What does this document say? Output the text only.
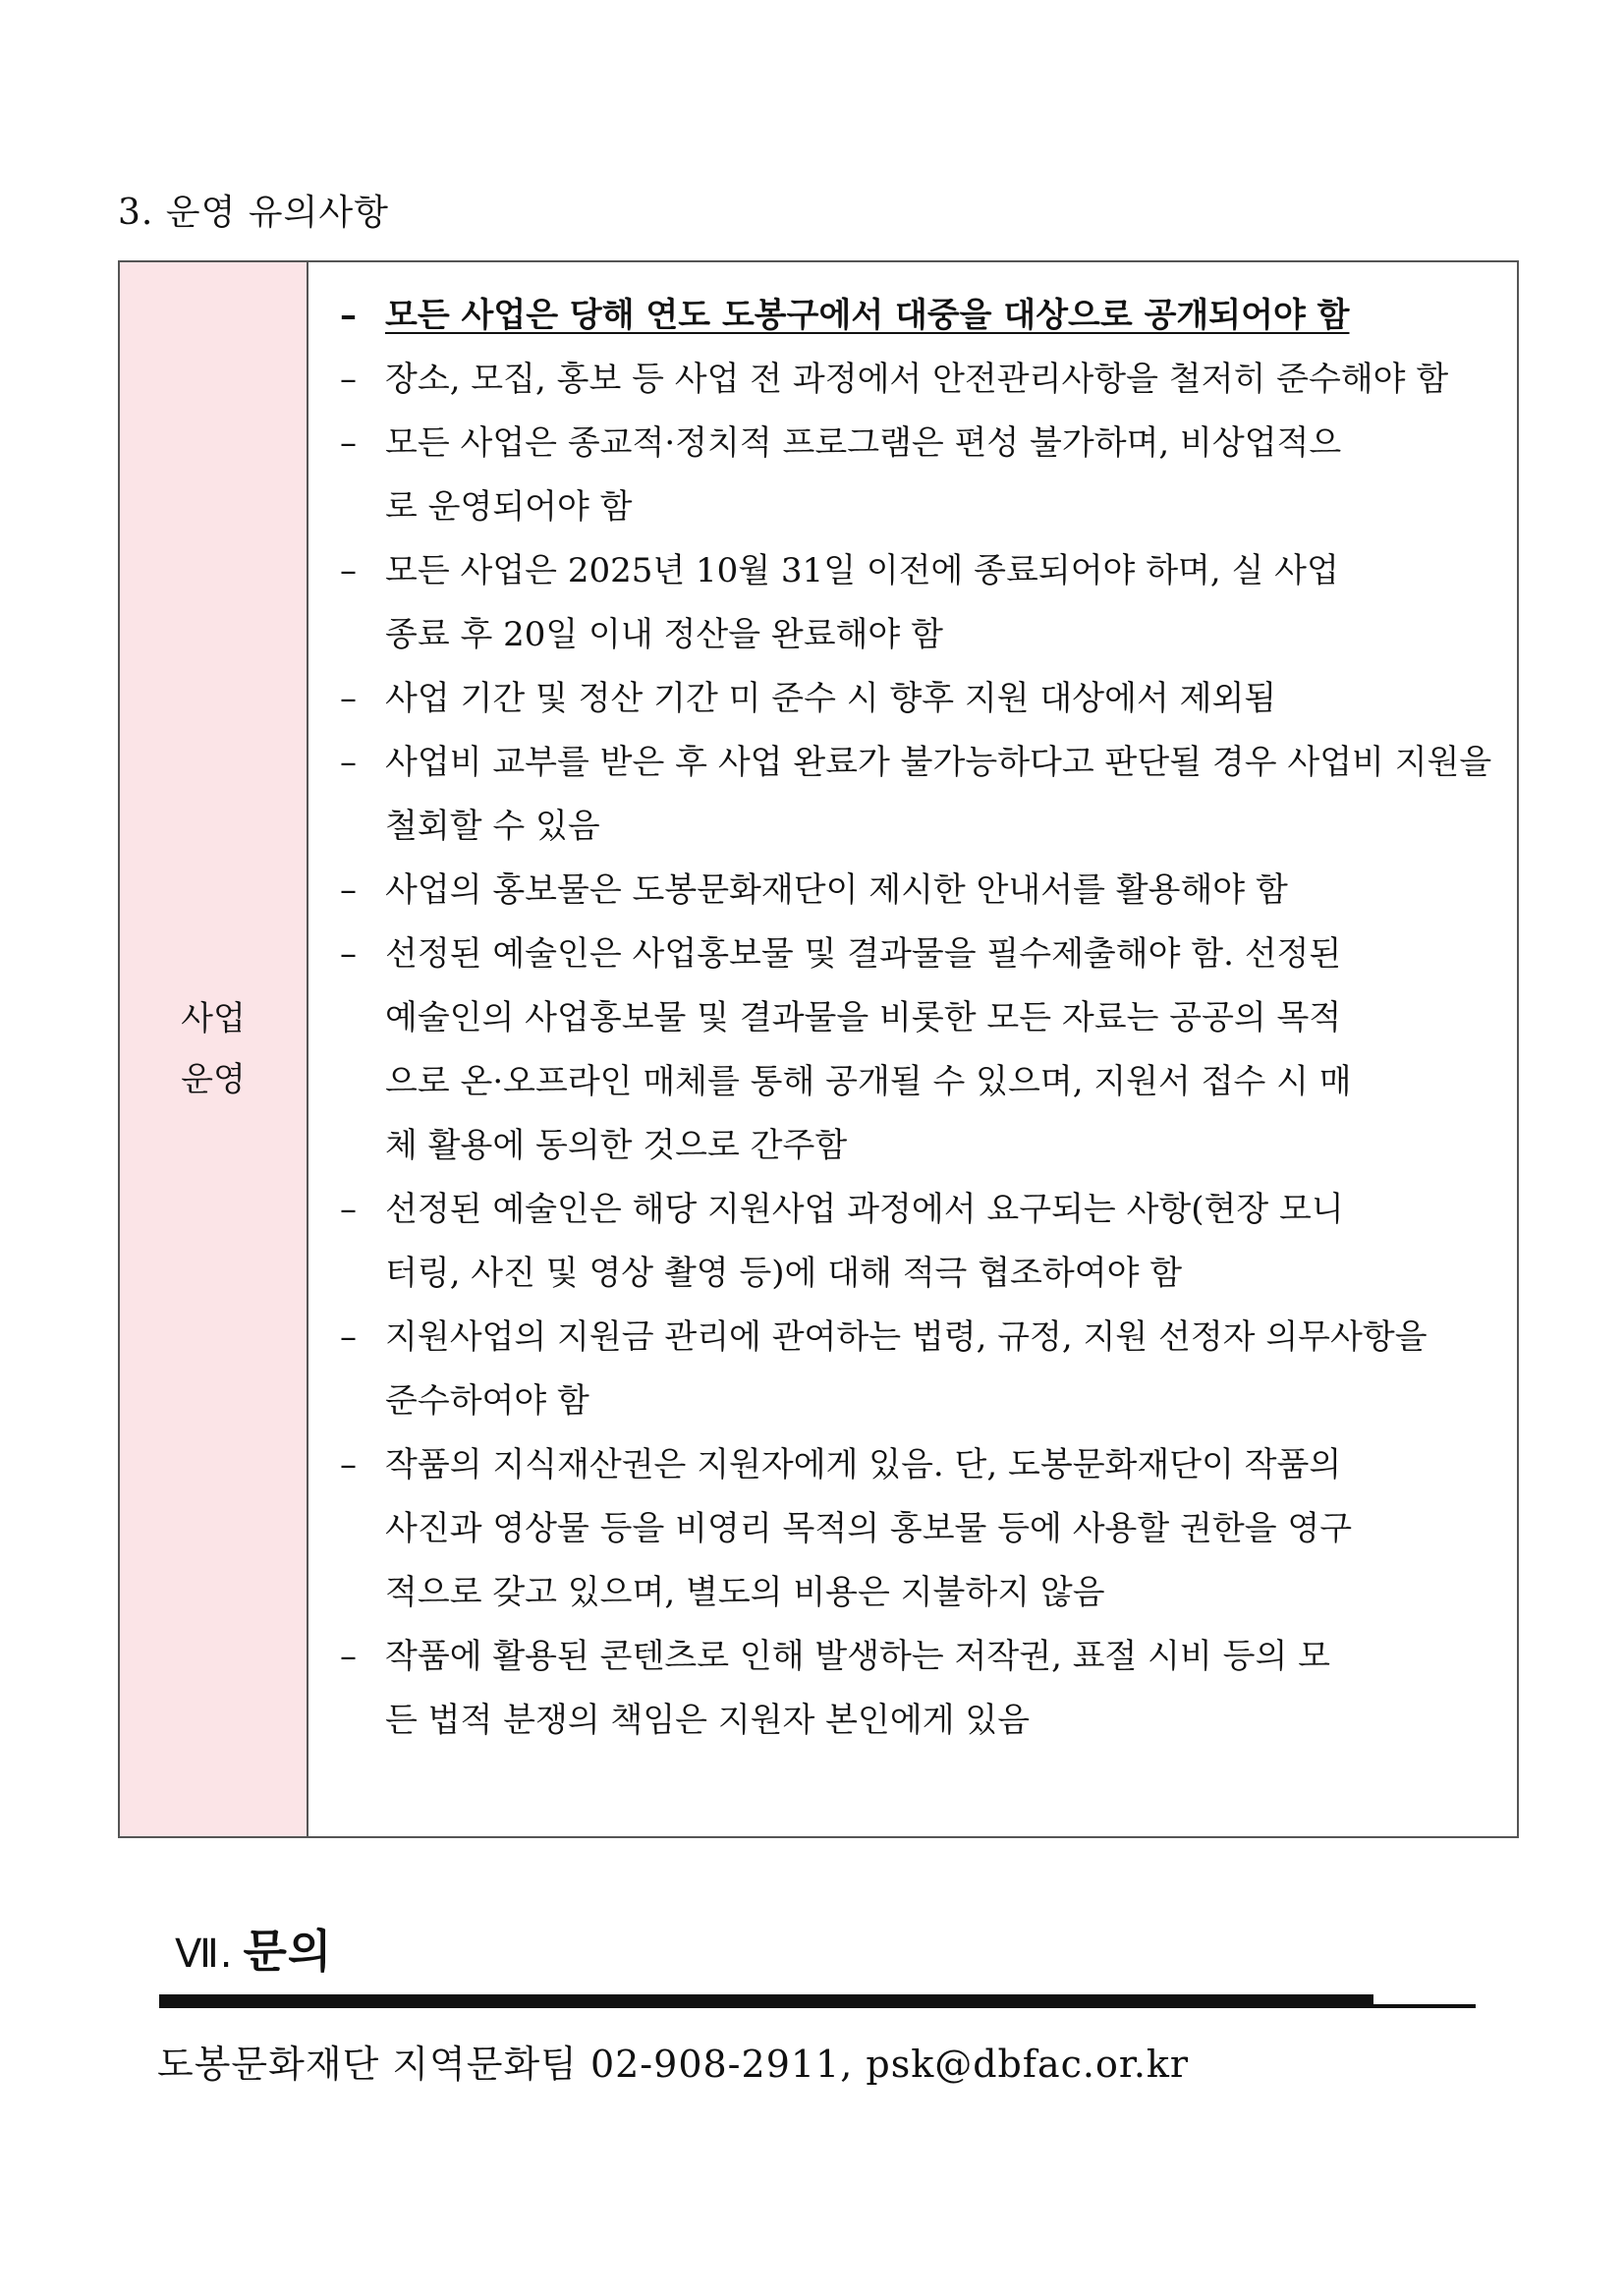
3. 운영 유의사항
사업
운영
– 모든 사업은 당해 연도 도봉구에서 대중을 대상으로 공개되어야 함
– 장소, 모집, 홍보 등 사업 전 과정에서 안전관리사항을 철저히 준수해야 함
– 모든 사업은 종교적·정치적 프로그램은 편성 불가하며, 비상업적으
로 운영되어야 함
– 모든 사업은 2025년 10월 31일 이전에 종료되어야 하며, 실 사업
종료 후 20일 이내 정산을 완료해야 함
– 사업 기간 및 정산 기간 미 준수 시 향후 지원 대상에서 제외됨
– 사업비 교부를 받은 후 사업 완료가 불가능하다고 판단될 경우 사업비 지원을
철회할 수 있음
– 사업의 홍보물은 도봉문화재단이 제시한 안내서를 활용해야 함
– 선정된 예술인은 사업홍보물 및 결과물을 필수제출해야 함. 선정된
예술인의 사업홍보물 및 결과물을 비롯한 모든 자료는 공공의 목적
으로 온·오프라인 매체를 통해 공개될 수 있으며, 지원서 접수 시 매
체 활용에 동의한 것으로 간주함
– 선정된 예술인은 해당 지원사업 과정에서 요구되는 사항(현장 모니
터링, 사진 및 영상 촬영 등)에 대해 적극 협조하여야 함
– 지원사업의 지원금 관리에 관여하는 법령, 규정, 지원 선정자 의무사항을
준수하여야 함
– 작품의 지식재산권은 지원자에게 있음. 단, 도봉문화재단이 작품의
사진과 영상물 등을 비영리 목적의 홍보물 등에 사용할 권한을 영구
적으로 갖고 있으며, 별도의 비용은 지불하지 않음
– 작품에 활용된 콘텐츠로 인해 발생하는 저작권, 표절 시비 등의 모
든 법적 분쟁의 책임은 지원자 본인에게 있음
Ⅶ. 문의
도봉문화재단 지역문화팀 02-908-2911, psk@dbfac.or.kr
